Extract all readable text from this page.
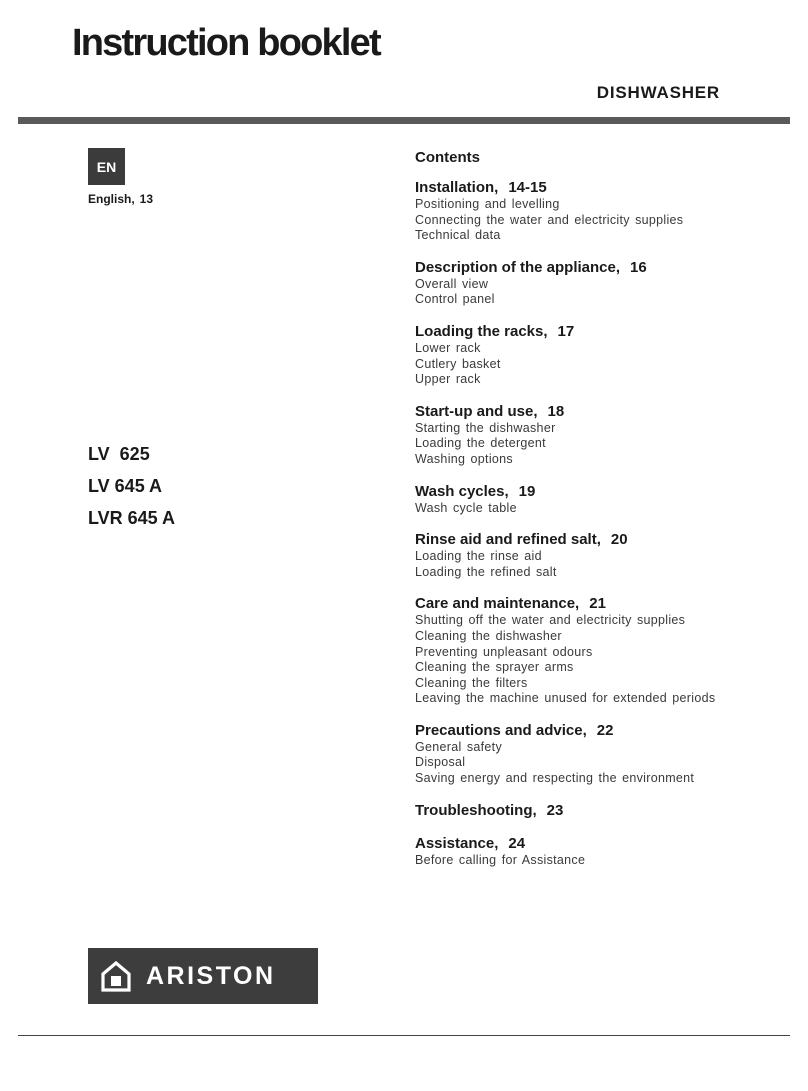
Instruction booklet
DISHWASHER
EN
English, 13
LV  625
LV 645 A
LVR 645 A
Contents
Installation, 14-15
Positioning and levelling
Connecting the water and electricity supplies
Technical data
Description of the appliance, 16
Overall view
Control panel
Loading the racks, 17
Lower rack
Cutlery basket
Upper rack
Start-up and use, 18
Starting the dishwasher
Loading the detergent
Washing options
Wash cycles, 19
Wash cycle table
Rinse aid and refined salt, 20
Loading the rinse aid
Loading the refined salt
Care and maintenance, 21
Shutting off the water and electricity supplies
Cleaning the dishwasher
Preventing unpleasant odours
Cleaning the sprayer arms
Cleaning the filters
Leaving the machine unused for extended periods
Precautions and advice, 22
General safety
Disposal
Saving energy and respecting the environment
Troubleshooting, 23
Assistance, 24
Before calling for Assistance
ARISTON
